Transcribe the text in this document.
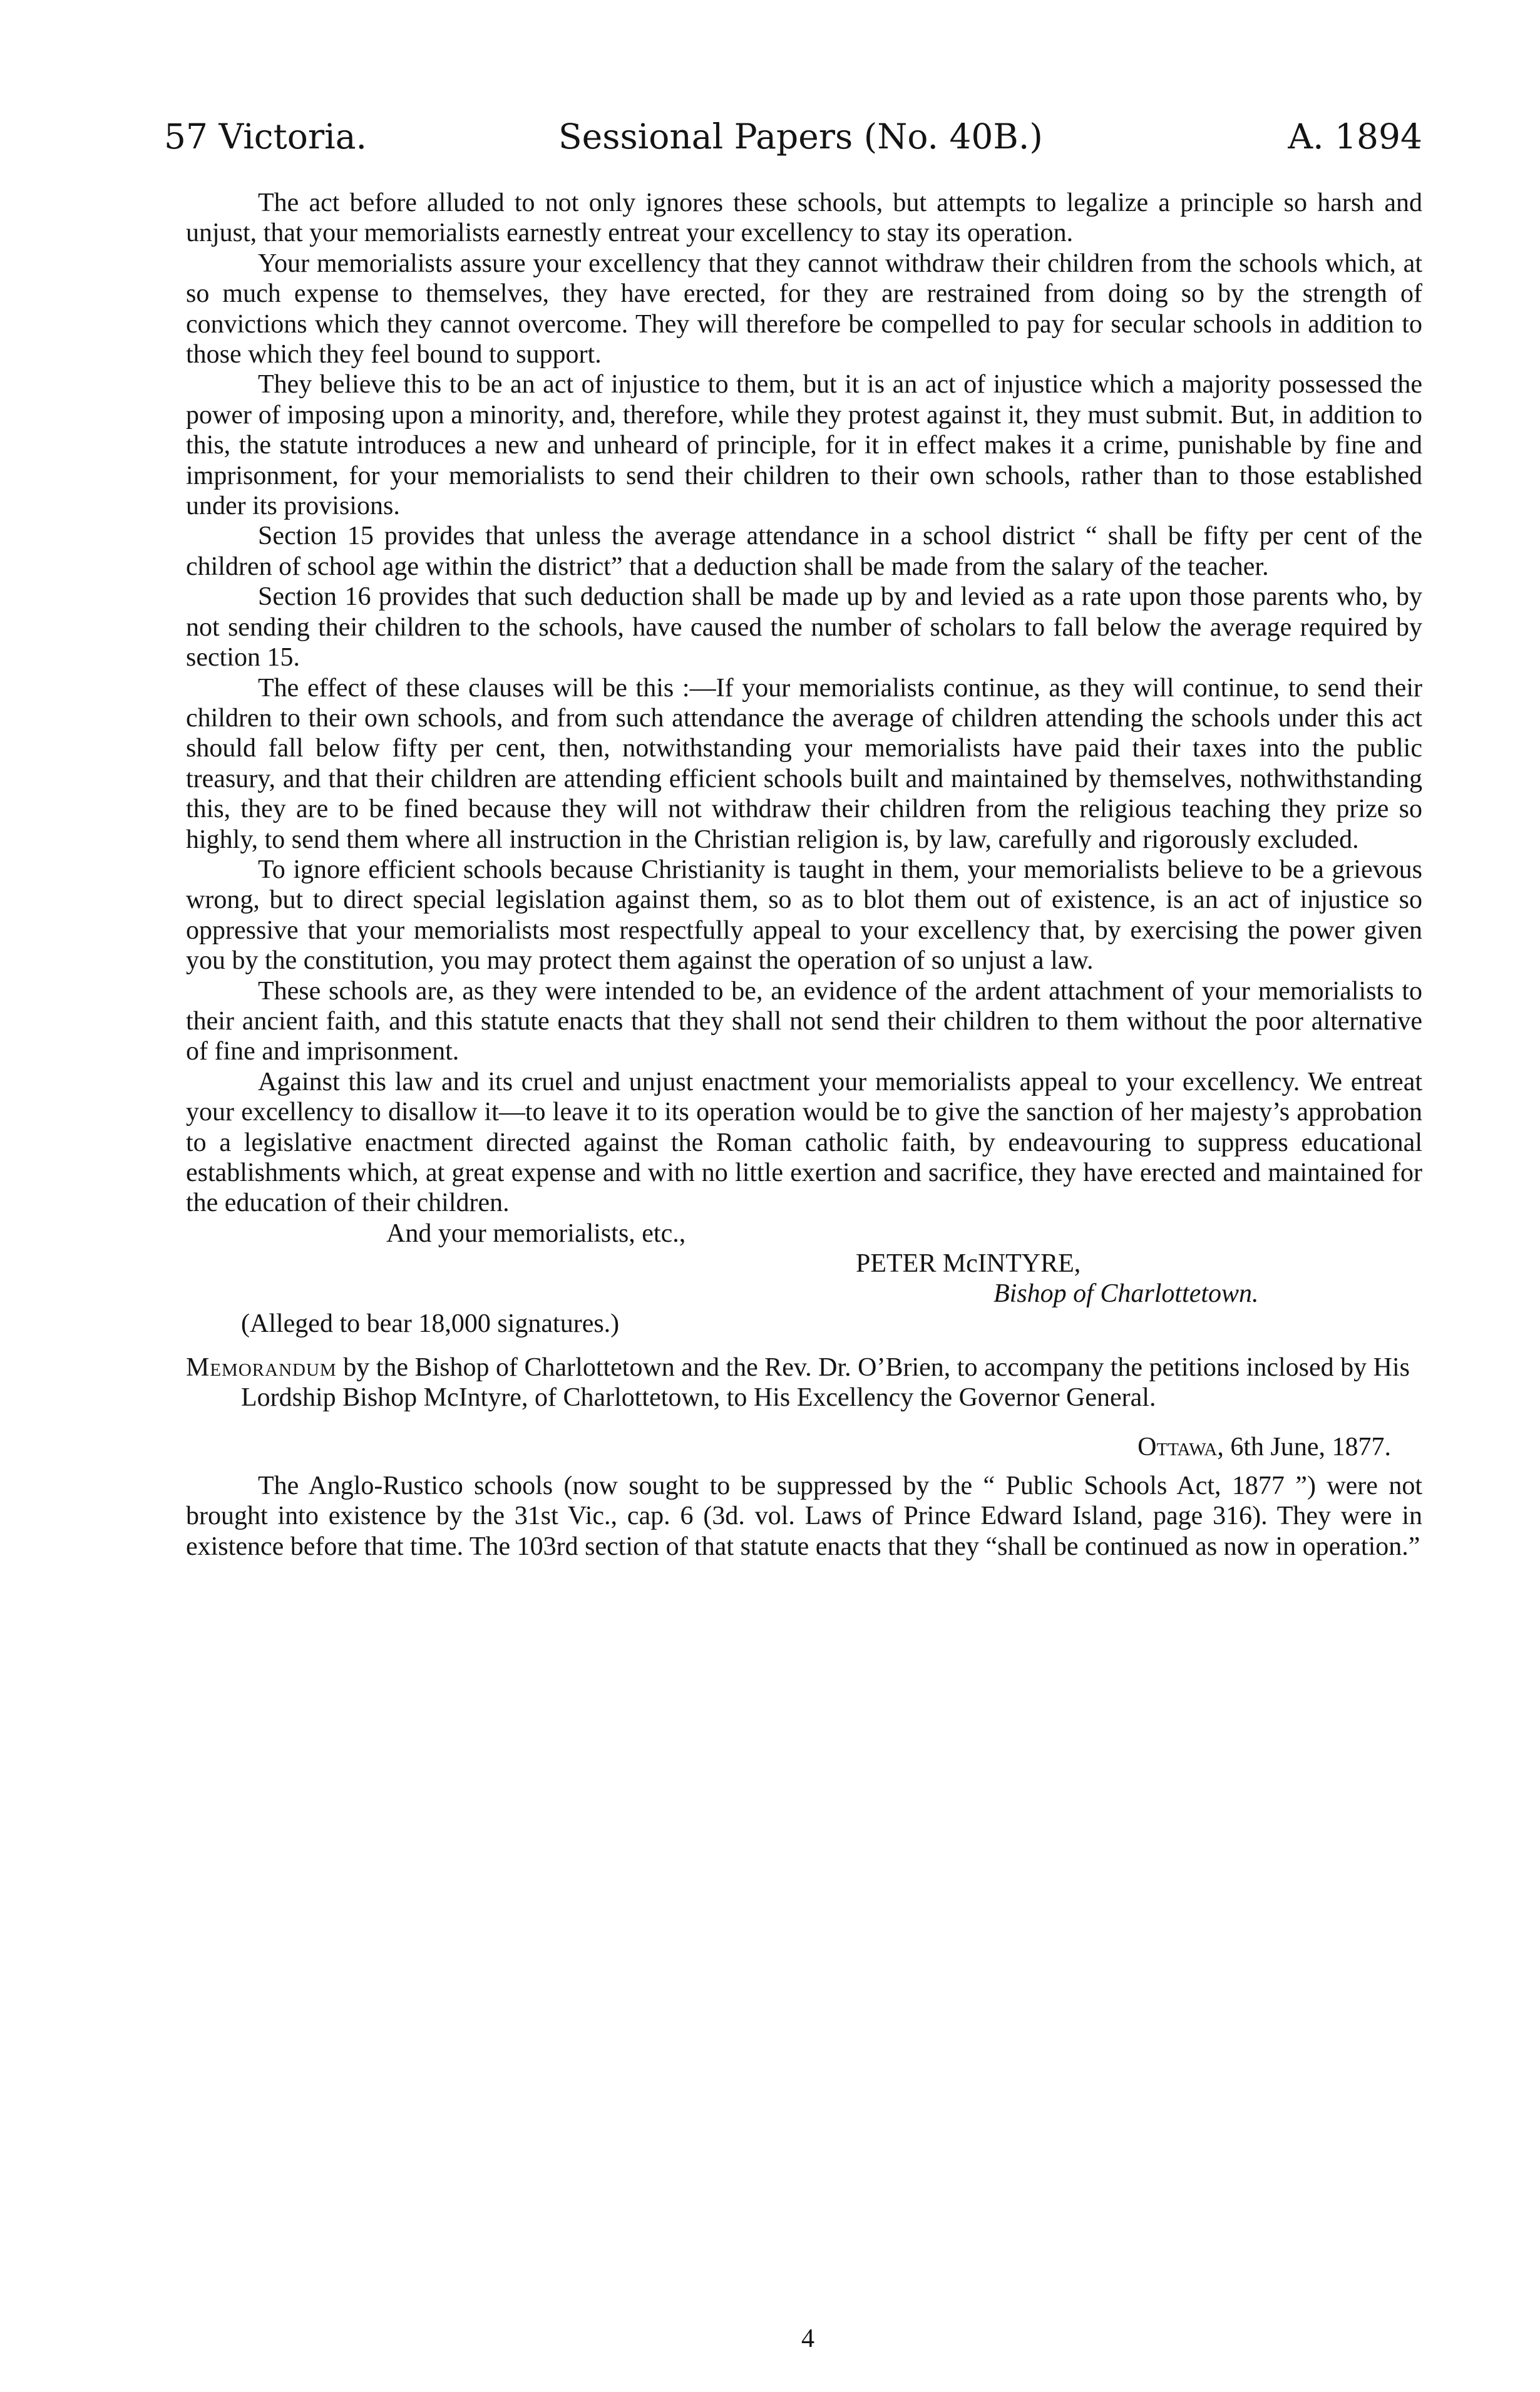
57 Victoria.	Sessional Papers (No. 40B.)	A. 1894

The act before alluded to not only ignores these schools, but attempts to legalize a principle so harsh and unjust, that your memorialists earnestly entreat your excellency to stay its operation.

Your memorialists assure your excellency that they cannot withdraw their children from the schools which, at so much expense to themselves, they have erected, for they are restrained from doing so by the strength of convictions which they cannot overcome. They will therefore be compelled to pay for secular schools in addition to those which they feel bound to support.

They believe this to be an act of injustice to them, but it is an act of injustice which a majority possessed the power of imposing upon a minority, and, therefore, while they protest against it, they must submit. But, in addition to this, the statute introduces a new and unheard of principle, for it in effect makes it a crime, punishable by fine and imprisonment, for your memorialists to send their children to their own schools, rather than to those established under its provisions.

Section 15 provides that unless the average attendance in a school district “ shall be fifty per cent of the children of school age within the district” that a deduction shall be made from the salary of the teacher.

Section 16 provides that such deduction shall be made up by and levied as a rate upon those parents who, by not sending their children to the schools, have caused the number of scholars to fall below the average required by section 15.

The effect of these clauses will be this :—If your memorialists continue, as they will continue, to send their children to their own schools, and from such attendance the average of children attending the schools under this act should fall below fifty per cent, then, notwithstanding your memorialists have paid their taxes into the public treasury, and that their children are attending efficient schools built and maintained by themselves, nothwithstanding this, they are to be fined because they will not withdraw their children from the religious teaching they prize so highly, to send them where all instruction in the Christian religion is, by law, carefully and rigorously excluded.

To ignore efficient schools because Christianity is taught in them, your memorialists believe to be a grievous wrong, but to direct special legislation against them, so as to blot them out of existence, is an act of injustice so oppressive that your memorialists most respectfully appeal to your excellency that, by exercising the power given you by the constitution, you may protect them against the operation of so unjust a law.

These schools are, as they were intended to be, an evidence of the ardent attachment of your memorialists to their ancient faith, and this statute enacts that they shall not send their children to them without the poor alternative of fine and imprisonment.

Against this law and its cruel and unjust enactment your memorialists appeal to your excellency. We entreat your excellency to disallow it—to leave it to its operation would be to give the sanction of her majesty’s approbation to a legislative enactment directed against the Roman catholic faith, by endeavouring to suppress educational establishments which, at great expense and with no little exertion and sacrifice, they have erected and maintained for the education of their children.

And your memorialists, etc.,
PETER McINTYRE,
Bishop of Charlottetown.
(Alleged to bear 18,000 signatures.)

Memorandum by the Bishop of Charlottetown and the Rev. Dr. O’Brien, to accompany the petitions inclosed by His Lordship Bishop McIntyre, of Charlottetown, to His Excellency the Governor General.

Ottawa, 6th June, 1877.

The Anglo-Rustico schools (now sought to be suppressed by the “ Public Schools Act, 1877 ”) were not brought into existence by the 31st Vic., cap. 6 (3d. vol. Laws of Prince Edward Island, page 316). They were in existence before that time. The 103rd section of that statute enacts that they “shall be continued as now in operation.”

4
